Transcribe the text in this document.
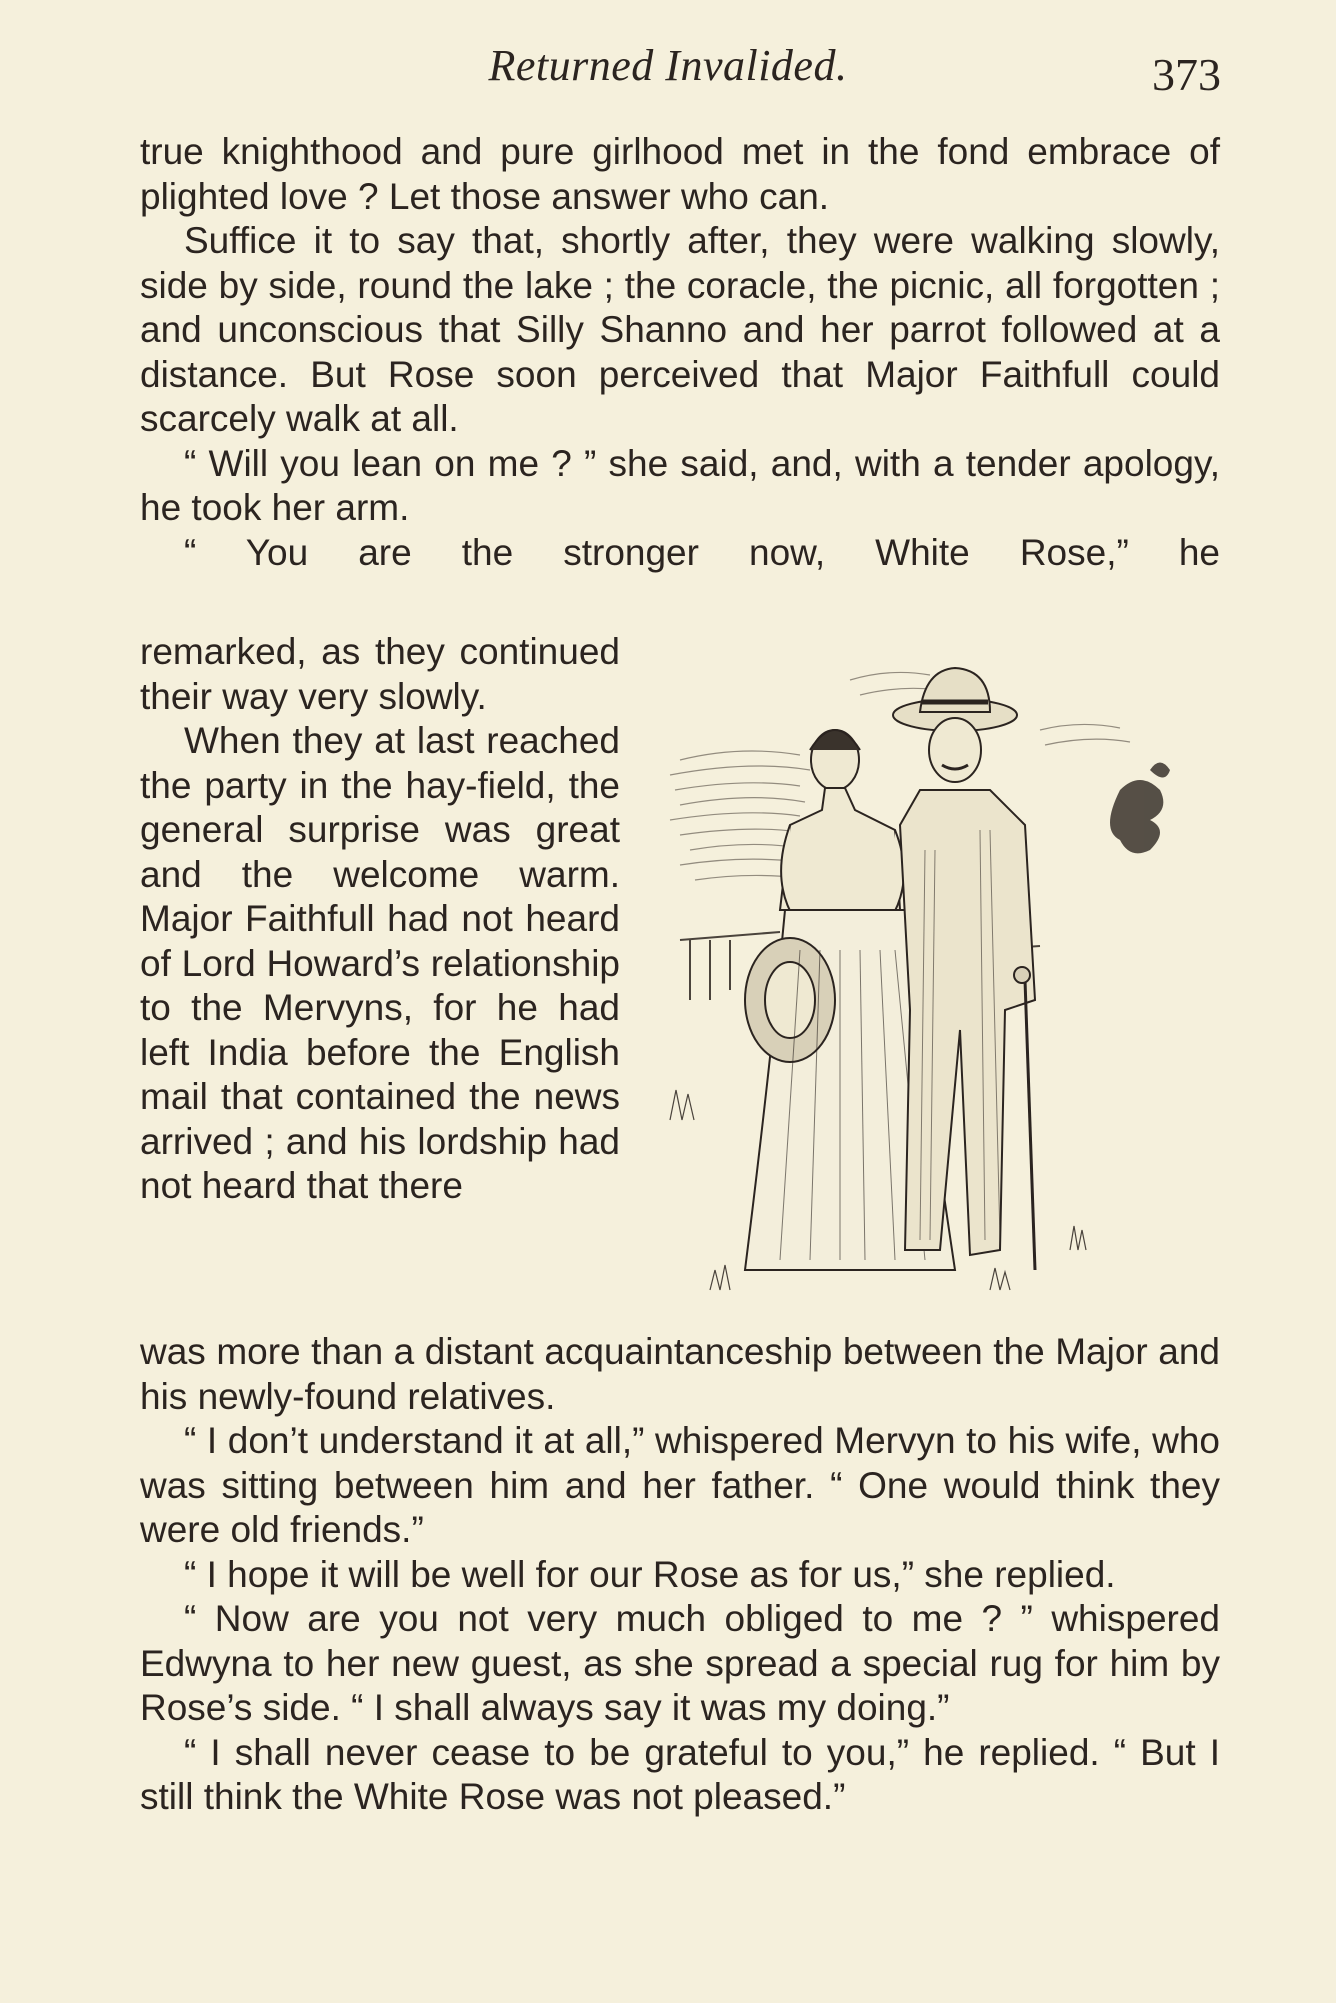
Returned Invalided.	373

true knighthood and pure girlhood met in the fond embrace of plighted love ? Let those answer who can.

Suffice it to say that, shortly after, they were walking slowly, side by side, round the lake ; the coracle, the picnic, all forgotten ; and unconscious that Silly Shanno and her parrot followed at a distance. But Rose soon perceived that Major Faithfull could scarcely walk at all.

“ Will you lean on me ? ” she said, and, with a tender apology, he took her arm.

“ You are the stronger now, White Rose,” he

remarked, as they continued their way very slowly.

When they at last reached the party in the hay-field, the general surprise was great and the welcome warm. Major Faithfull had not heard of Lord Howard’s relationship to the Mervyns, for he had left India before the English mail that contained the news arrived ; and his lordship had not heard that there

was more than a distant acquaintanceship between the Major and his newly-found relatives.

“ I don’t understand it at all,” whispered Mervyn to his wife, who was sitting between him and her father. “ One would think they were old friends.”

“ I hope it will be well for our Rose as for us,” she replied.

“ Now are you not very much obliged to me ? ” whispered Edwyna to her new guest, as she spread a special rug for him by Rose’s side. “ I shall always say it was my doing.”

“ I shall never cease to be grateful to you,” he replied. “ But I still think the White Rose was not pleased.”
